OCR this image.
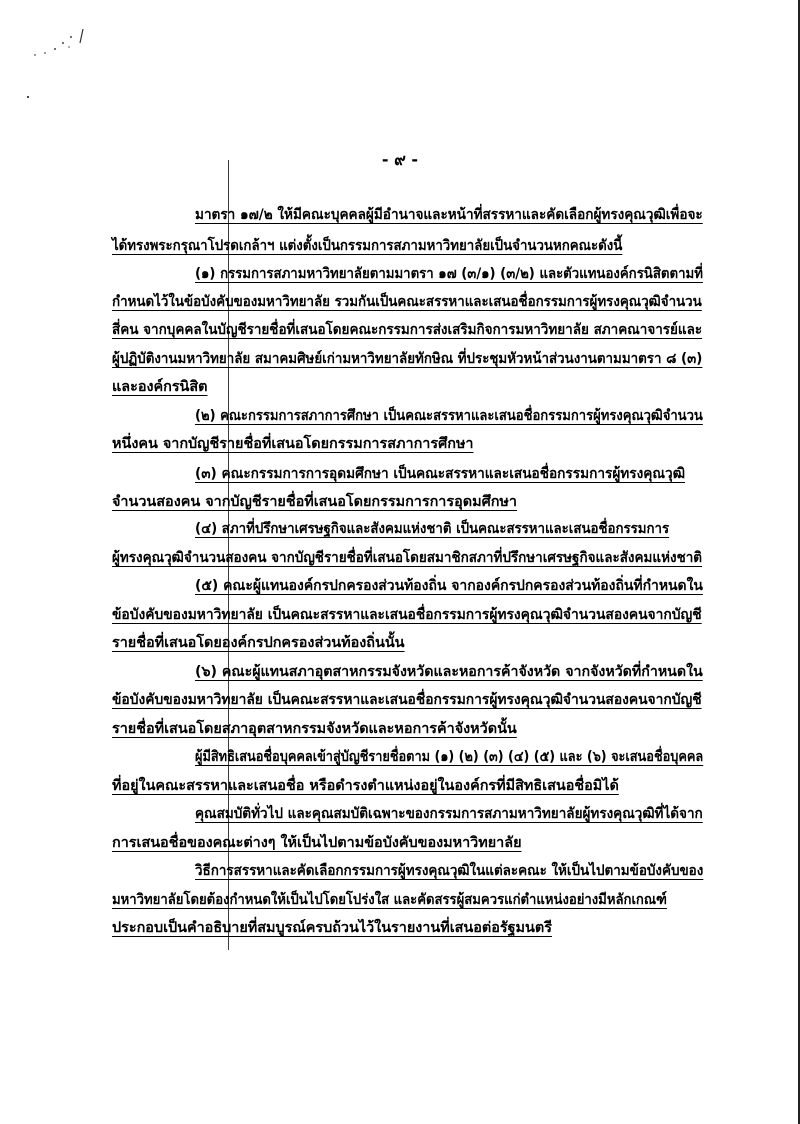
- ๙ -
มาตรา ๑๗/๒ ให้มีคณะบุคคลผู้มีอำนาจและหน้าที่สรรหาและคัดเลือกผู้ทรงคุณวุฒิเพื่อจะ
ได้ทรงพระกรุณาโปรดเกล้าฯ แต่งตั้งเป็นกรรมการสภามหาวิทยาลัยเป็นจำนวนหกคณะดังนี้
(๑) กรรมการสภามหาวิทยาลัยตามมาตรา ๑๗ (๓/๑) (๓/๒) และตัวแทนองค์กรนิสิตตามที่
กำหนดไว้ในข้อบังคับของมหาวิทยาลัย รวมกันเป็นคณะสรรหาและเสนอชื่อกรรมการผู้ทรงคุณวุฒิจำนวน
สี่คน จากบุคคลในบัญชีรายชื่อที่เสนอโดยคณะกรรมการส่งเสริมกิจการมหาวิทยาลัย สภาคณาจารย์และ
ผู้ปฏิบัติงานมหาวิทยาลัย สมาคมศิษย์เก่ามหาวิทยาลัยทักษิณ ที่ประชุมหัวหน้าส่วนงานตามมาตรา ๘ (๓)
และองค์กรนิสิต
(๒) คณะกรรมการสภาการศึกษา เป็นคณะสรรหาและเสนอชื่อกรรมการผู้ทรงคุณวุฒิจำนวน
หนึ่งคน จากบัญชีรายชื่อที่เสนอโดยกรรมการสภาการศึกษา
(๓) คณะกรรมการการอุดมศึกษา เป็นคณะสรรหาและเสนอชื่อกรรมการผู้ทรงคุณวุฒิ
จำนวนสองคน จากบัญชีรายชื่อที่เสนอโดยกรรมการการอุดมศึกษา
(๔) สภาที่ปรึกษาเศรษฐกิจและสังคมแห่งชาติ เป็นคณะสรรหาและเสนอชื่อกรรมการ
ผู้ทรงคุณวุฒิจำนวนสองคน จากบัญชีรายชื่อที่เสนอโดยสมาชิกสภาที่ปรึกษาเศรษฐกิจและสังคมแห่งชาติ
(๕) คณะผู้แทนองค์กรปกครองส่วนท้องถิ่น จากองค์กรปกครองส่วนท้องถิ่นที่กำหนดใน
ข้อบังคับของมหาวิทยาลัย เป็นคณะสรรหาและเสนอชื่อกรรมการผู้ทรงคุณวุฒิจำนวนสองคนจากบัญชี
รายชื่อที่เสนอโดยองค์กรปกครองส่วนท้องถิ่นนั้น
(๖) คณะผู้แทนสภาอุตสาหกรรมจังหวัดและหอการค้าจังหวัด จากจังหวัดที่กำหนดใน
ข้อบังคับของมหาวิทยาลัย เป็นคณะสรรหาและเสนอชื่อกรรมการผู้ทรงคุณวุฒิจำนวนสองคนจากบัญชี
รายชื่อที่เสนอโดยสภาอุตสาหกรรมจังหวัดและหอการค้าจังหวัดนั้น
ผู้มีสิทธิเสนอชื่อบุคคลเข้าสู่บัญชีรายชื่อตาม (๑) (๒) (๓) (๔) (๕) และ (๖) จะเสนอชื่อบุคคล
ที่อยู่ในคณะสรรหาและเสนอชื่อ หรือดำรงตำแหน่งอยู่ในองค์กรที่มีสิทธิเสนอชื่อมิได้
คุณสมบัติทั่วไป และคุณสมบัติเฉพาะของกรรมการสภามหาวิทยาลัยผู้ทรงคุณวุฒิที่ได้จาก
การเสนอชื่อของคณะต่างๆ ให้เป็นไปตามข้อบังคับของมหาวิทยาลัย
วิธีการสรรหาและคัดเลือกกรรมการผู้ทรงคุณวุฒิในแต่ละคณะ ให้เป็นไปตามข้อบังคับของ
มหาวิทยาลัยโดยต้องกำหนดให้เป็นไปโดยโปร่งใส และคัดสรรผู้สมควรแก่ตำแหน่งอย่างมีหลักเกณฑ์
ประกอบเป็นคำอธิบายที่สมบูรณ์ครบถ้วนไว้ในรายงานที่เสนอต่อรัฐมนตรี
